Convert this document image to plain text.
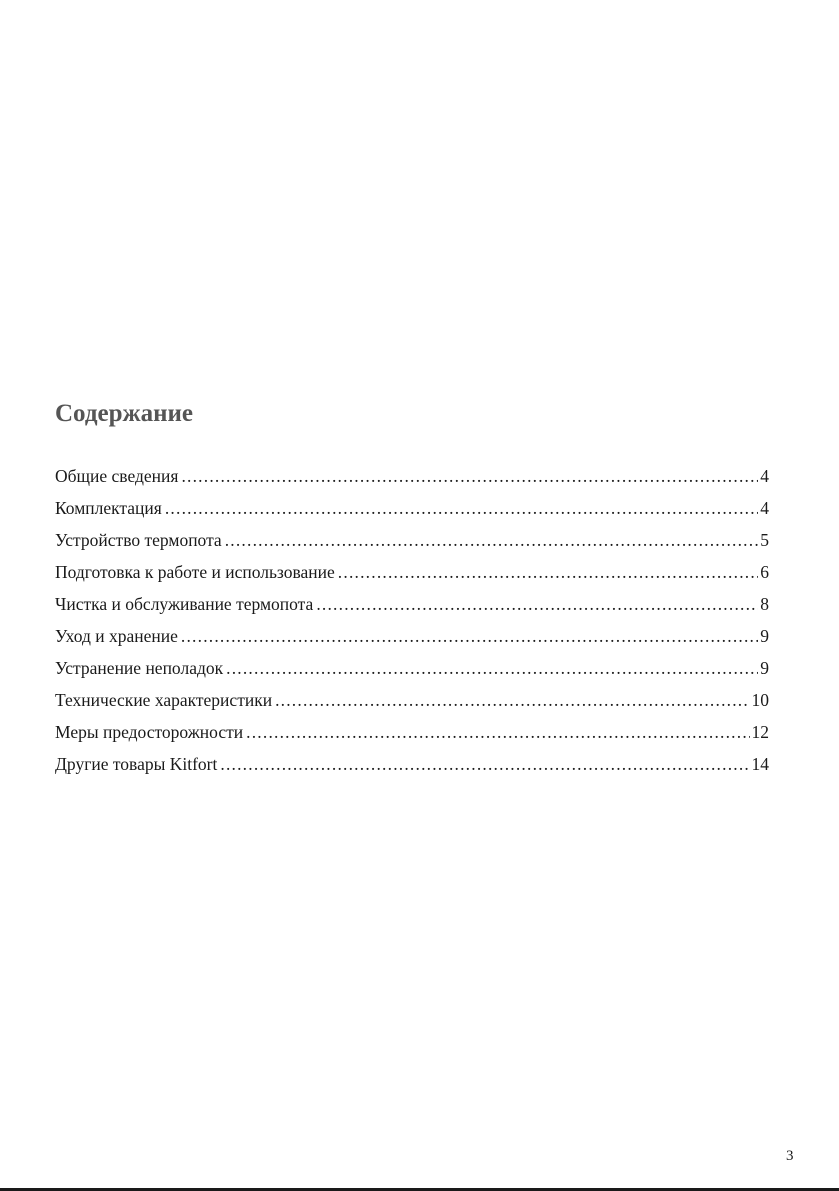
Содержание
Общие сведения .....	4
Комплектация .....	4
Устройство термопота .....	5
Подготовка к работе и использование .....	6
Чистка и обслуживание термопота .....	8
Уход и хранение .....	9
Устранение неполадок .....	9
Технические характеристики .....	10
Меры предосторожности .....	12
Другие товары Kitfort .....	14
3
